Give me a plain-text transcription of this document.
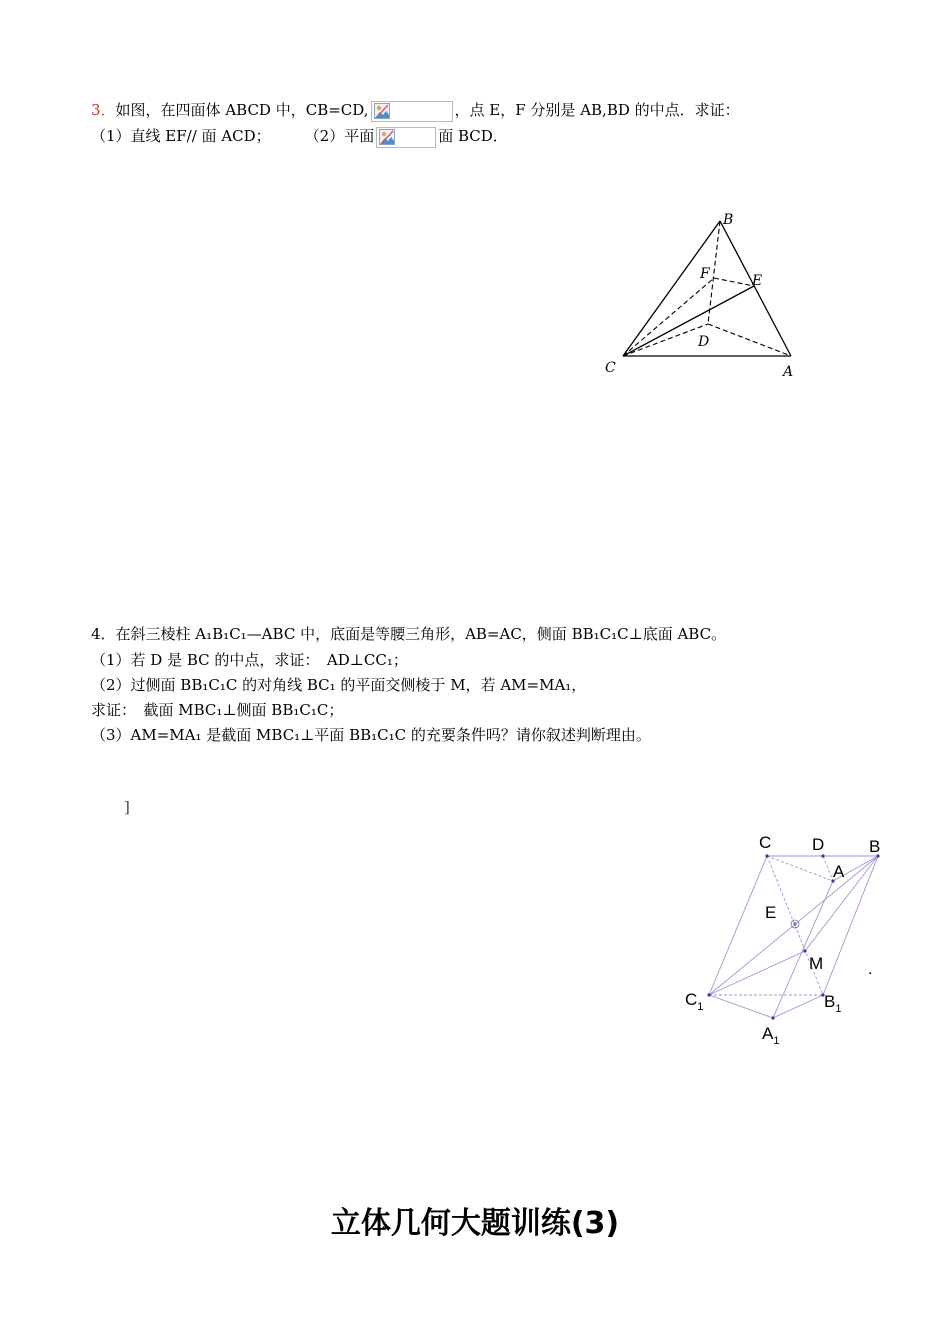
3．如图，在四面体 ABCD 中，CB=CD,	，点 E，F 分别是 AB,BD 的中点．求证：
（1）直线 EF// 面 ACD； （2）平面	面 BCD．
B
F	E
D
C	A
4．在斜三棱柱 A₁B₁C₁—ABC 中，底面是等腰三角形，AB=AC，侧面 BB₁C₁C⊥底面 ABC。
（1）若 D 是 BC 的中点，求证：　AD⊥CC₁；
（2）过侧面 BB₁C₁C 的对角线 BC₁ 的平面交侧棱于 M，若 AM=MA₁，
求证：　截面 MBC₁⊥侧面 BB₁C₁C；
（3）AM=MA₁ 是截面 MBC₁⊥平面 BB₁C₁C 的充要条件吗？请你叙述判断理由。
]
C D	B
A
E
M
$C_1$	$B_1$
$A_1$
.
立体几何大题训练(3)
